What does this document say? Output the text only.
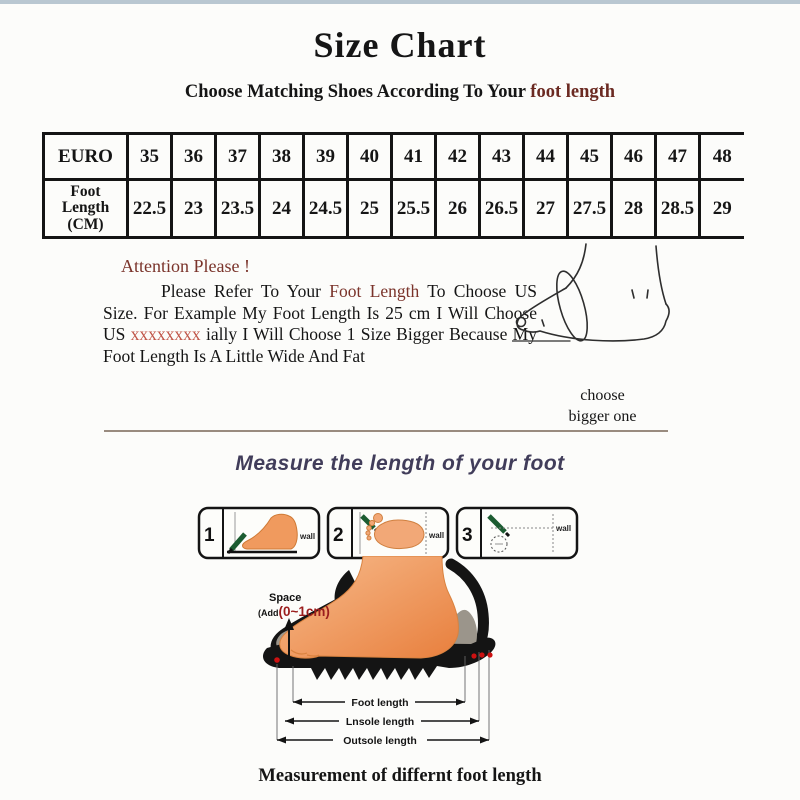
Size Chart
Choose Matching Shoes According To Your foot length
EURO	35	36	37	38	39	40	41	42	43	44	45	46	47	48

Foot
Length
(CM)	22.5	23	23.5	24	24.5	25	25.5	26	26.5	27	27.5	28	28.5	29
Attention Please !
Please Refer To Your Foot Length To Choose US Size. For Example My Foot Length Is 25 cm I Will Choose US xxxxxxxx ially I Will Choose 1 Size Bigger Because My Foot Length Is A Little Wide And Fat
choose
bigger one
Measure the length of your foot
1	wall 2	wall 3	wall
Foot length
Lnsole length
Outsole length
Space
(Add(0~1cm)
Measurement of differnt foot length
